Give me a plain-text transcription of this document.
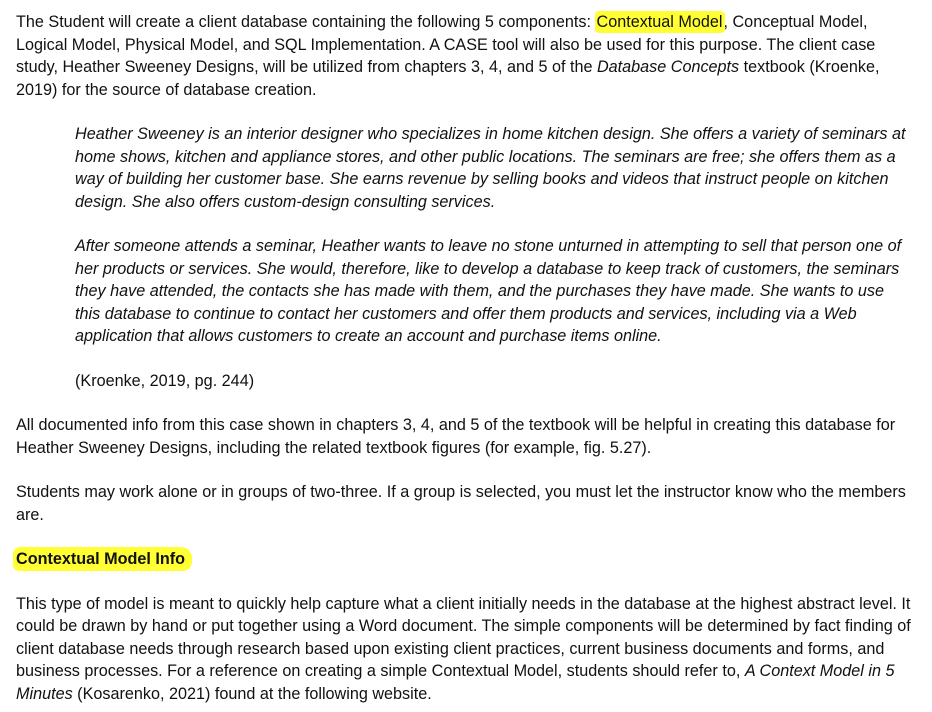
The Student will create a client database containing the following 5 components: Contextual Model, Conceptual Model, Logical Model, Physical Model, and SQL Implementation. A CASE tool will also be used for this purpose. The client case study, Heather Sweeney Designs, will be utilized from chapters 3, 4, and 5 of the Database Concepts textbook (Kroenke, 2019) for the source of database creation.

Heather Sweeney is an interior designer who specializes in home kitchen design. She offers a variety of seminars at home shows, kitchen and appliance stores, and other public locations. The seminars are free; she offers them as a way of building her customer base. She earns revenue by selling books and videos that instruct people on kitchen design. She also offers custom-design consulting services.

After someone attends a seminar, Heather wants to leave no stone unturned in attempting to sell that person one of her products or services. She would, therefore, like to develop a database to keep track of customers, the seminars they have attended, the contacts she has made with them, and the purchases they have made. She wants to use this database to continue to contact her customers and offer them products and services, including via a Web application that allows customers to create an account and purchase items online.

(Kroenke, 2019, pg. 244)

All documented info from this case shown in chapters 3, 4, and 5 of the textbook will be helpful in creating this database for Heather Sweeney Designs, including the related textbook figures (for example, fig. 5.27).

Students may work alone or in groups of two-three. If a group is selected, you must let the instructor know who the members are.

Contextual Model Info

This type of model is meant to quickly help capture what a client initially needs in the database at the highest abstract level. It could be drawn by hand or put together using a Word document. The simple components will be determined by fact finding of client database needs through research based upon existing client practices, current business documents and forms, and business processes. For a reference on creating a simple Contextual Model, students should refer to, A Context Model in 5 Minutes (Kosarenko, 2021) found at the following website.
